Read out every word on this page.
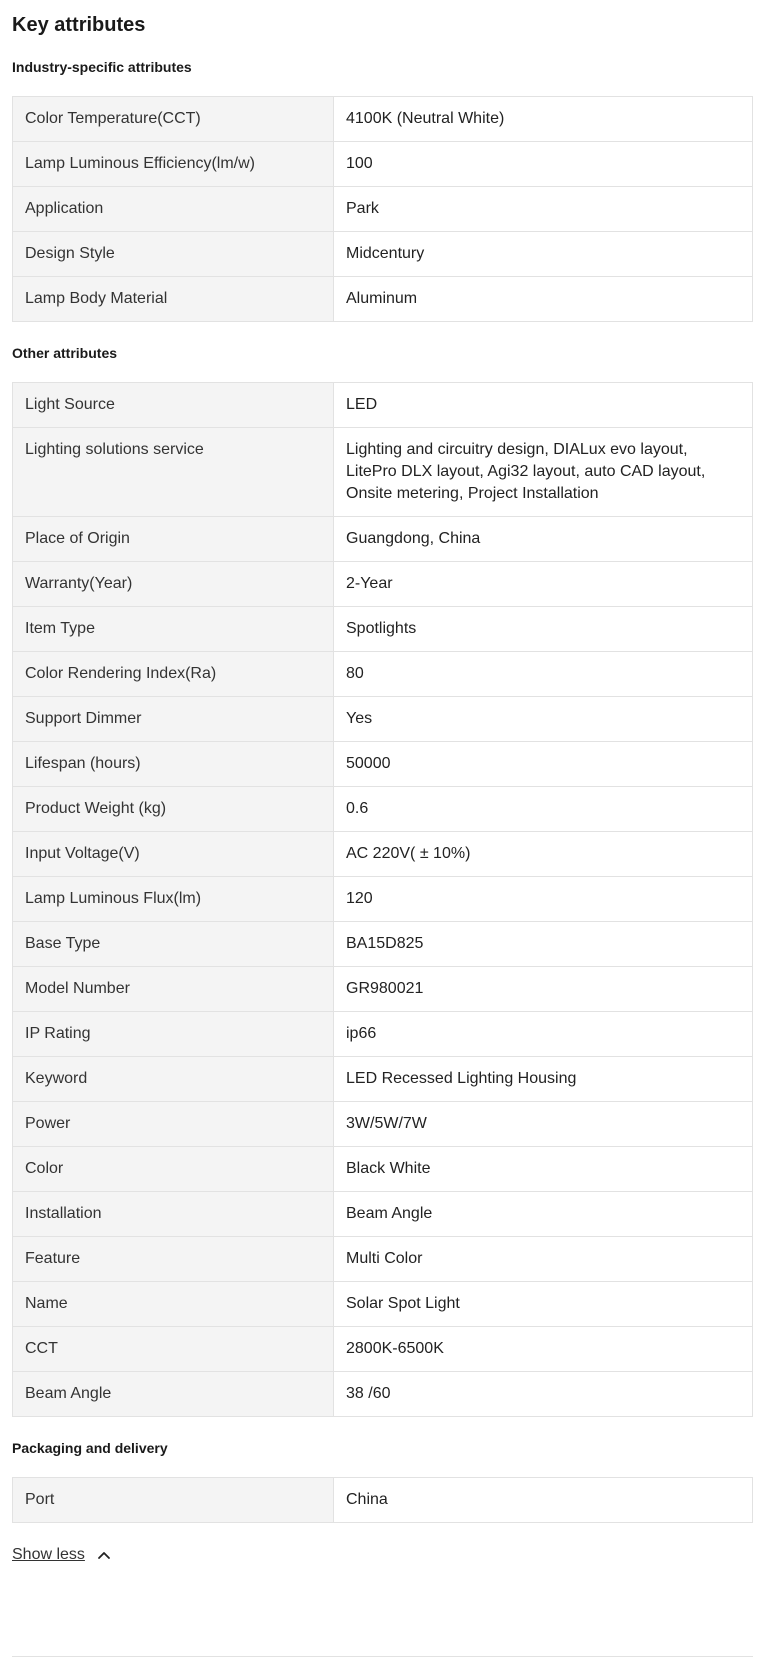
Key attributes
Industry-specific attributes
Color Temperature(CCT)	4100K (Neutral White)
Lamp Luminous Efficiency(lm/w)	100
Application	Park
Design Style	Midcentury
Lamp Body Material	Aluminum
Other attributes
Light Source	LED
Lighting solutions service	Lighting and circuitry design, DIALux evo layout, LitePro DLX layout, Agi32 layout, auto CAD layout, Onsite metering, Project Installation
Place of Origin	Guangdong, China
Warranty(Year)	2-Year
Item Type	Spotlights
Color Rendering Index(Ra)	80
Support Dimmer	Yes
Lifespan (hours)	50000
Product Weight (kg)	0.6
Input Voltage(V)	AC 220V( ± 10%)
Lamp Luminous Flux(lm)	120
Base Type	BA15D825
Model Number	GR980021
IP Rating	ip66
Keyword	LED Recessed Lighting Housing
Power	3W/5W/7W
Color	Black White
Installation	Beam Angle
Feature	Multi Color
Name	Solar Spot Light
CCT	2800K-6500K
Beam Angle	38 /60
Packaging and delivery
Port	China
Show less
